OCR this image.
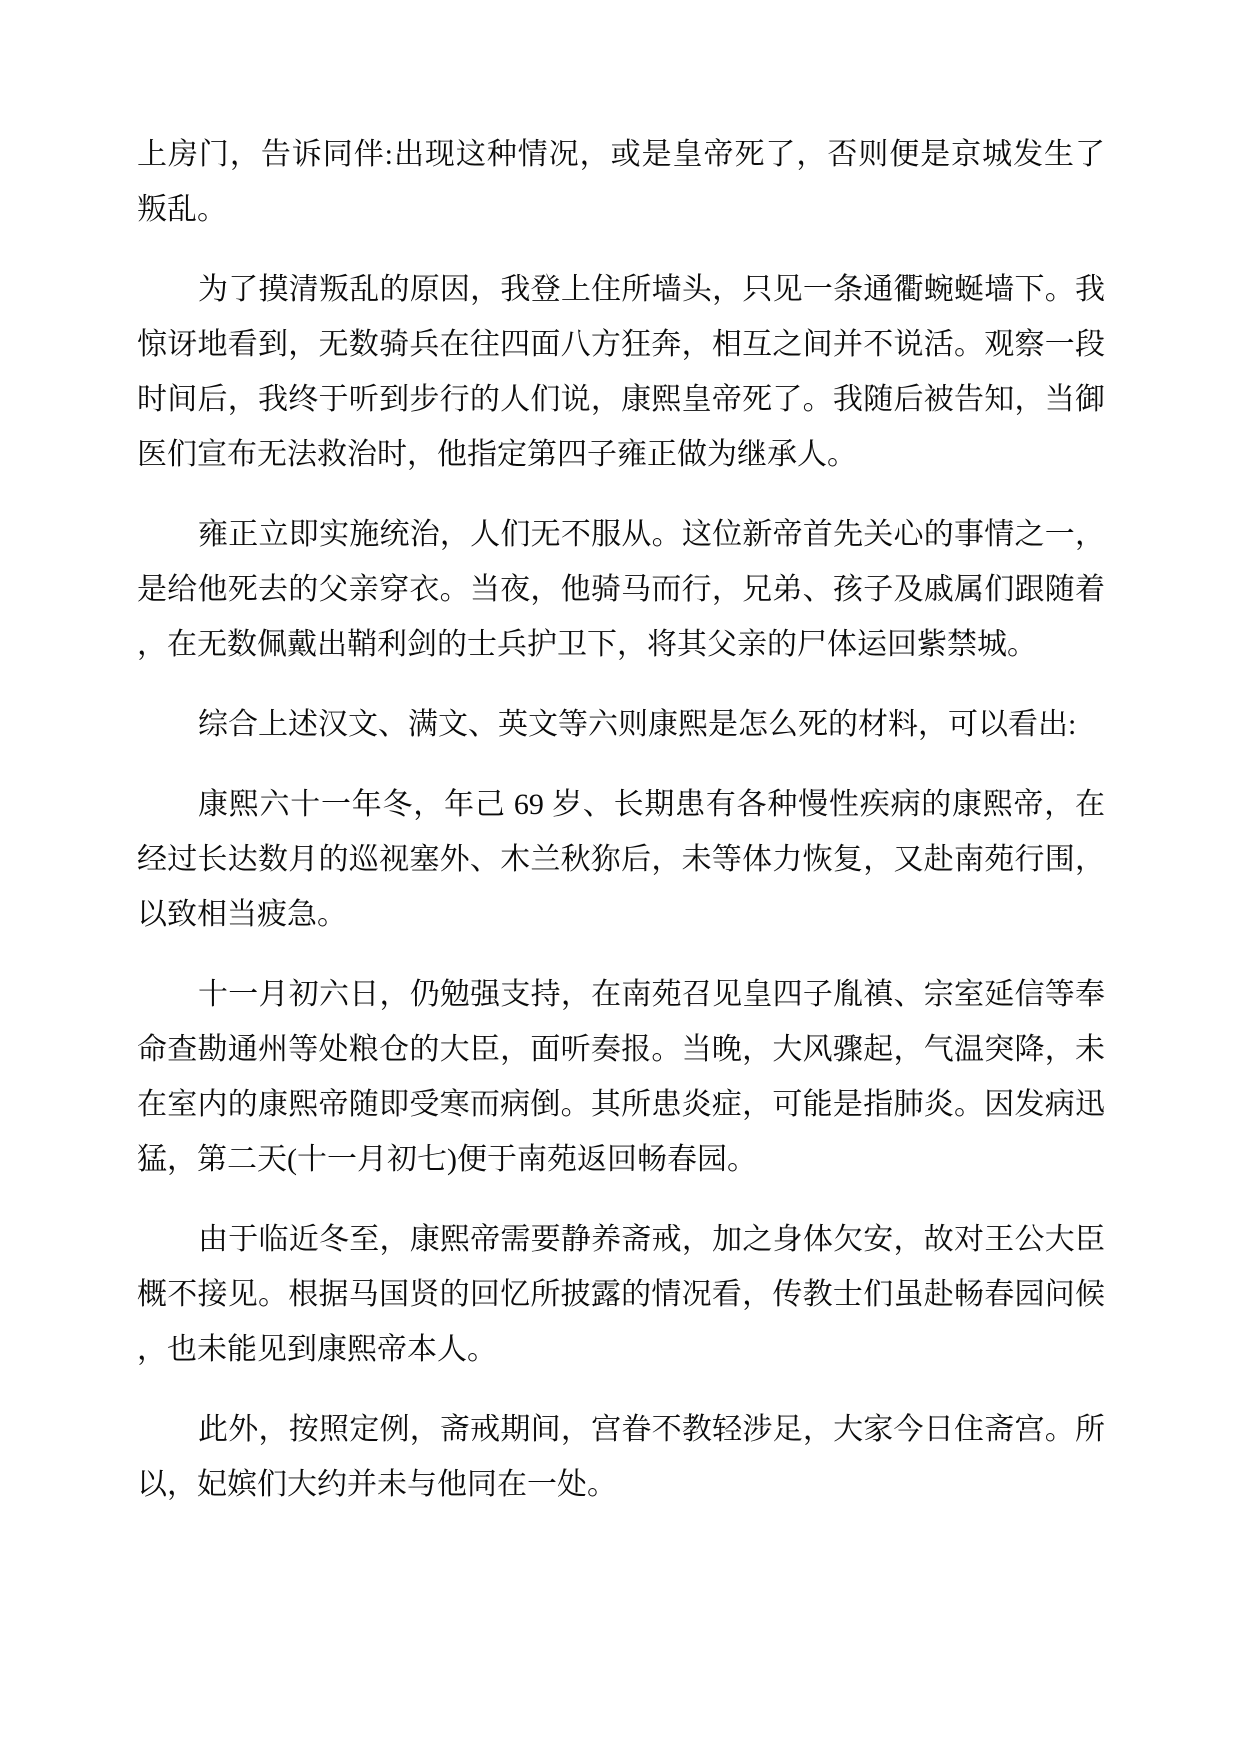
上房门，告诉同伴:出现这种情况，或是皇帝死了，否则便是京城发生了
叛乱。
为了摸清叛乱的原因，我登上住所墙头，只见一条通衢蜿蜒墙下。我
惊讶地看到，无数骑兵在往四面八方狂奔，相互之间并不说活。观察一段
时间后，我终于听到步行的人们说，康熙皇帝死了。我随后被告知，当御
医们宣布无法救治时，他指定第四子雍正做为继承人。
雍正立即实施统治，人们无不服从。这位新帝首先关心的事情之一，
是给他死去的父亲穿衣。当夜，他骑马而行，兄弟、孩子及戚属们跟随着
，在无数佩戴出鞘利剑的士兵护卫下，将其父亲的尸体运回紫禁城。
综合上述汉文、满文、英文等六则康熙是怎么死的材料，可以看出:
康熙六十一年冬，年己 69 岁、长期患有各种慢性疾病的康熙帝，在
经过长达数月的巡视塞外、木兰秋狝后，未等体力恢复，又赴南苑行围，
以致相当疲急。
十一月初六日，仍勉强支持，在南苑召见皇四子胤禛、宗室延信等奉
命查勘通州等处粮仓的大臣，面听奏报。当晚，大风骤起，气温突降，未
在室内的康熙帝随即受寒而病倒。其所患炎症，可能是指肺炎。因发病迅
猛，第二天(十一月初七)便于南苑返回畅春园。
由于临近冬至，康熙帝需要静养斋戒，加之身体欠安，故对王公大臣
概不接见。根据马国贤的回忆所披露的情况看，传教士们虽赴畅春园问候
，也未能见到康熙帝本人。
此外，按照定例，斋戒期间，宫眷不教轻涉足，大家今日住斋宫。所
以，妃嫔们大约并未与他同在一处。
